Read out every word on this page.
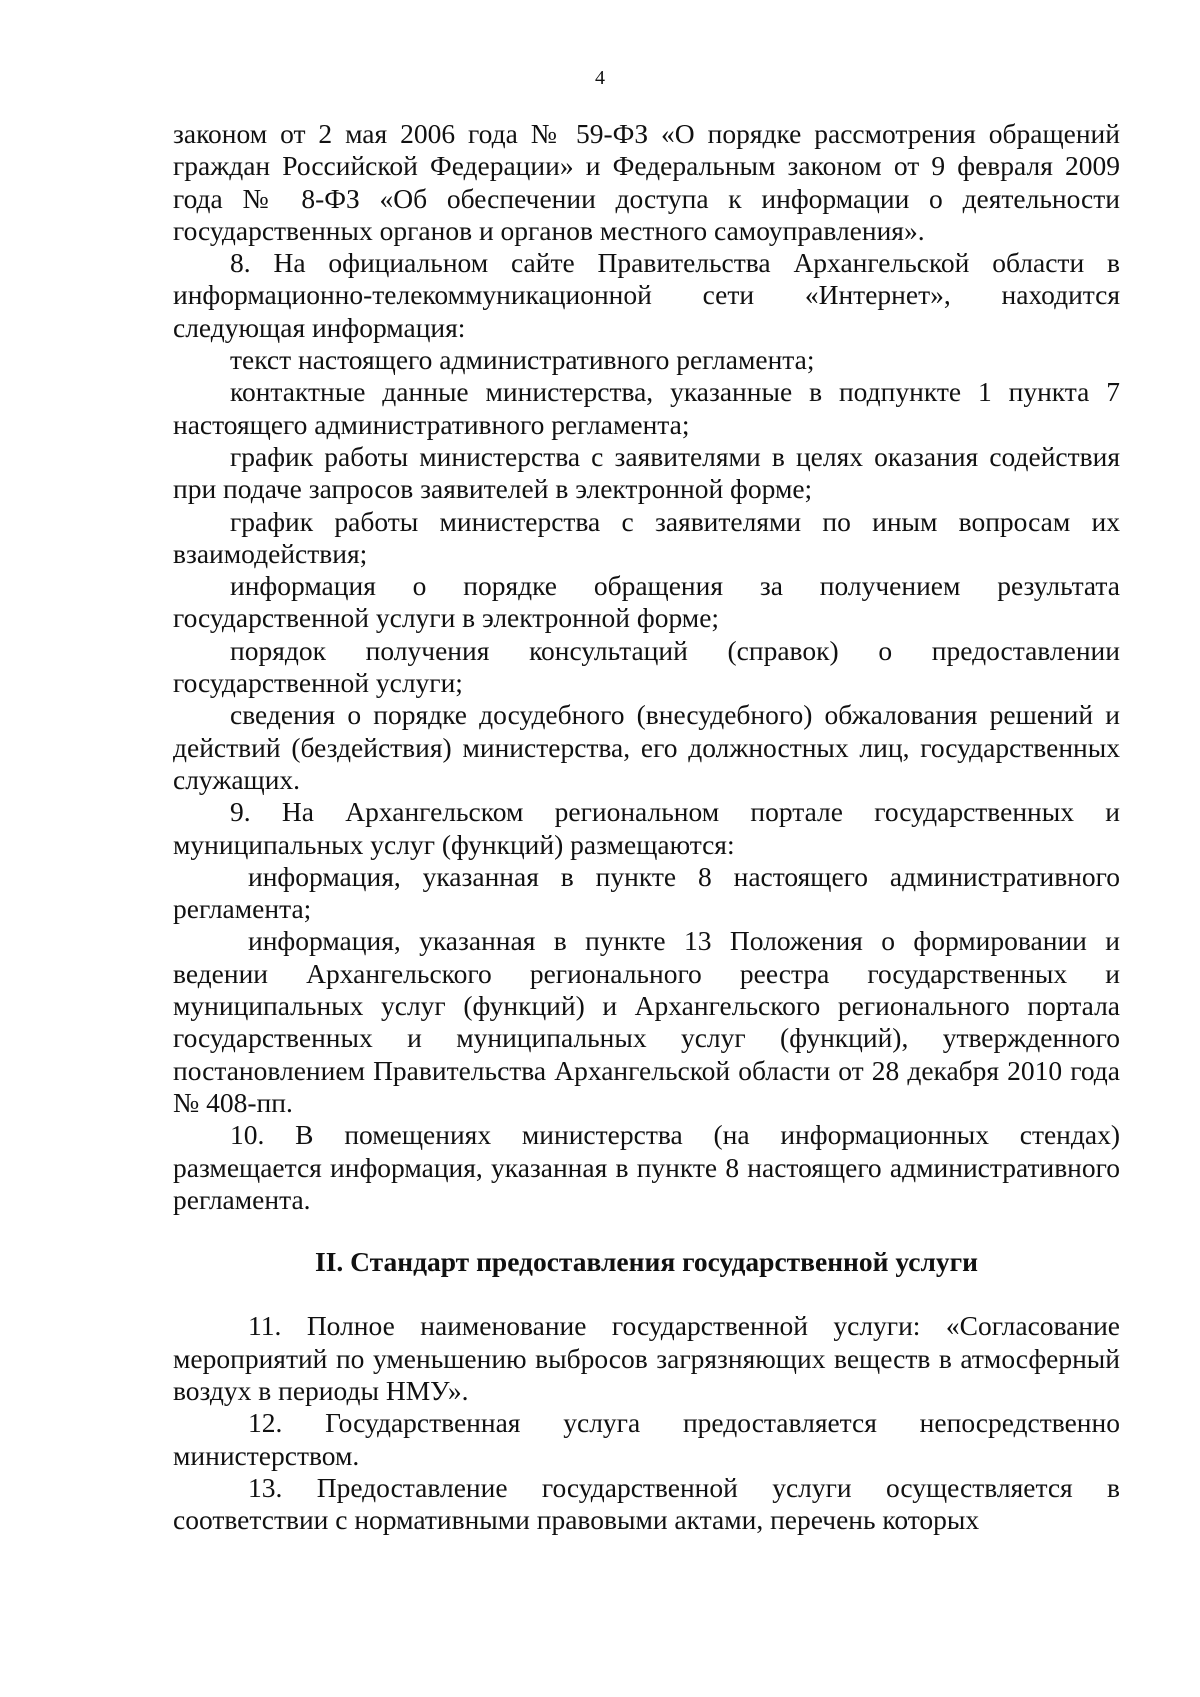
4

законом от 2 мая 2006 года № 59-ФЗ «О порядке рассмотрения обращений граждан Российской Федерации» и Федеральным законом от 9 февраля 2009 года № 8-ФЗ «Об обеспечении доступа к информации о деятельности государственных органов и органов местного самоуправления».

8. На официальном сайте Правительства Архангельской области в информационно-телекоммуникационной сети «Интернет», находится следующая информация:

текст настоящего административного регламента;

контактные данные министерства, указанные в подпункте 1 пункта 7 настоящего административного регламента;

график работы министерства с заявителями в целях оказания содействия при подаче запросов заявителей в электронной форме;

график работы министерства с заявителями по иным вопросам их взаимодействия;

информация о порядке обращения за получением результата государственной услуги в электронной форме;

порядок получения консультаций (справок) о предоставлении государственной услуги;

сведения о порядке досудебного (внесудебного) обжалования решений и действий (бездействия) министерства, его должностных лиц, государственных служащих.

9. На Архангельском региональном портале государственных и муниципальных услуг (функций) размещаются:

информация, указанная в пункте 8 настоящего административного регламента;

информация, указанная в пункте 13 Положения о формировании и ведении Архангельского регионального реестра государственных и муниципальных услуг (функций) и Архангельского регионального портала государственных и муниципальных услуг (функций), утвержденного постановлением Правительства Архангельской области от 28 декабря 2010 года № 408-пп.

10. В помещениях министерства (на информационных стендах) размещается информация, указанная в пункте 8 настоящего административного регламента.

II. Стандарт предоставления государственной услуги

11. Полное наименование государственной услуги: «Согласование мероприятий по уменьшению выбросов загрязняющих веществ в атмосферный воздух в периоды НМУ».

12. Государственная услуга предоставляется непосредственно министерством.

13. Предоставление государственной услуги осуществляется в соответствии с нормативными правовыми актами, перечень которых
